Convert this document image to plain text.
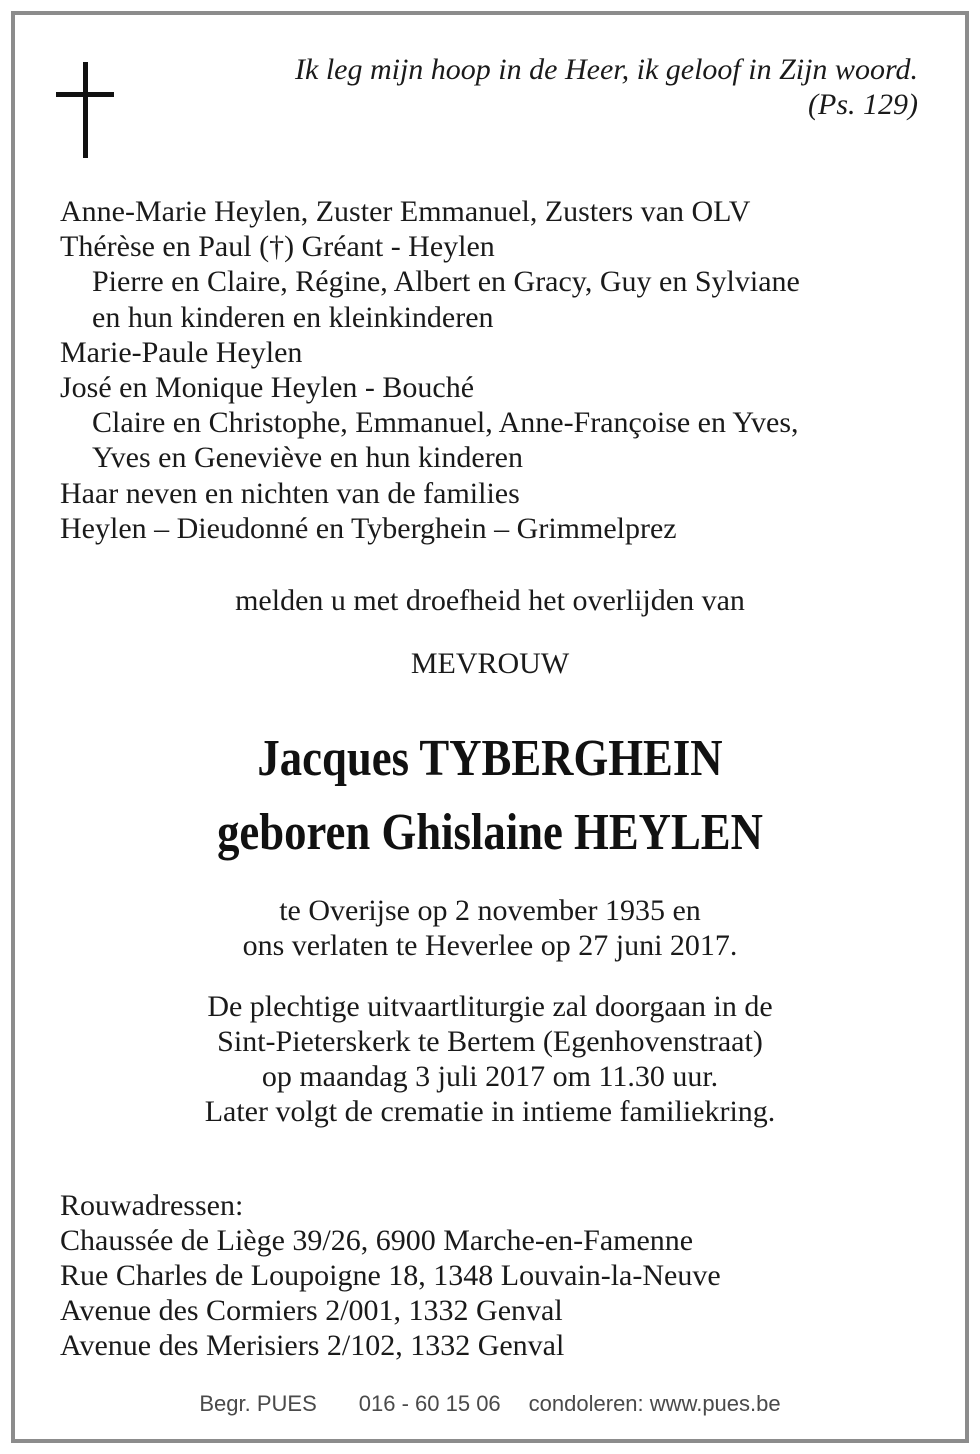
Ik leg mijn hoop in de Heer, ik geloof in Zijn woord.
(Ps. 129)
Anne-Marie Heylen, Zuster Emmanuel, Zusters van OLV
Thérèse en Paul (†) Gréant - Heylen
Pierre en Claire, Régine, Albert en Gracy, Guy en Sylviane
en hun kinderen en kleinkinderen
Marie-Paule Heylen
José en Monique Heylen - Bouché
Claire en Christophe, Emmanuel, Anne-Françoise en Yves,
Yves en Geneviève en hun kinderen
Haar neven en nichten van de families
Heylen – Dieudonné en Tyberghein – Grimmelprez
melden u met droefheid het overlijden van
MEVROUW
Jacques TYBERGHEIN
geboren Ghislaine HEYLEN
te Overijse op 2 november 1935 en
ons verlaten te Heverlee op 27 juni 2017.
De plechtige uitvaartliturgie zal doorgaan in de
Sint-Pieterskerk te Bertem (Egenhovenstraat)
op maandag 3 juli 2017 om 11.30 uur.
Later volgt de crematie in intieme familiekring.
Rouwadressen:
Chaussée de Liège 39/26, 6900 Marche-en-Famenne
Rue Charles de Loupoigne 18, 1348 Louvain-la-Neuve
Avenue des Cormiers 2/001, 1332 Genval
Avenue des Merisiers 2/102, 1332 Genval
Begr. PUES 016 - 60 15 06 condoleren: www.pues.be
